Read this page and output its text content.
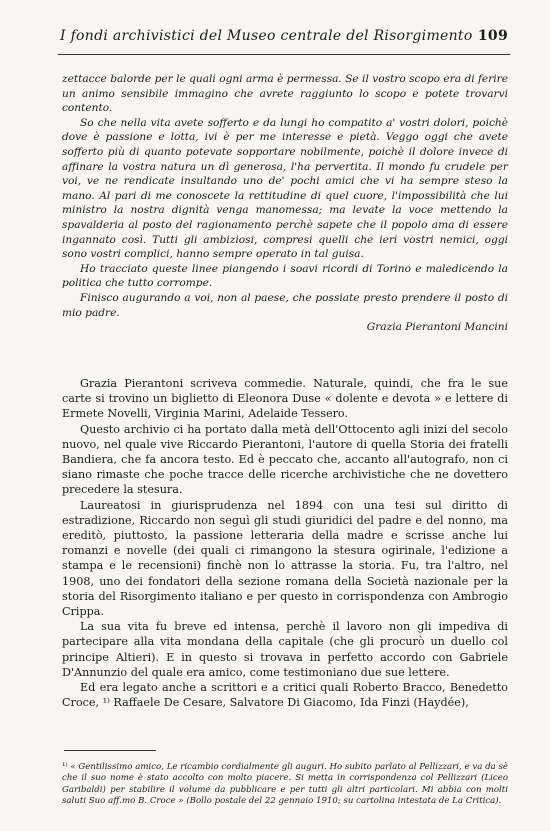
I fondi archivistici del Museo centrale del Risorgimento 109

zettacce balorde per le quali ogni arma è permessa. Se il vostro scopo era di ferire un animo sensibile immagino che avrete raggiunto lo scopo e potete trovarvi contento.

So che nella vita avete sofferto e da lungi ho compatito a' vostri dolori, poichè dove è passione e lotta, ivi è per me interesse e pietà. Veggo oggi che avete sofferto più di quanto potevate sopportare nobilmente, poichè il dolore invece di affinare la vostra natura un dì generosa, l'ha pervertita. Il mondo fu crudele per voi, ve ne rendicate insultando uno de' pochi amici che vi ha sempre steso la mano. Al pari di me conoscete la rettitudine di quel cuore, l'impossibilità che lui ministro la nostra dignità venga manomessa; ma levate la voce mettendo la spavalderia al posto del ragionamento perchè sapete che il popolo ama di essere ingannato così. Tutti gli ambiziosi, compresi quelli che ieri vostri nemici, oggi sono vostri complici, hanno sempre operato in tal guisa.

Ho tracciato queste linee piangendo i soavi ricordi di Torino e maledicendo la politica che tutto corrompe.

Finisco augurando a voi, non al paese, che possiate presto prendere il posto di mio padre.

Grazia Pierantoni Mancini

Grazia Pierantoni scriveva commedie. Naturale, quindi, che fra le sue carte si trovino un biglietto di Eleonora Duse « dolente e devota » e lettere di Ermete Novelli, Virginia Marini, Adelaide Tessero.

Questo archivio ci ha portato dalla metà dell'Ottocento agli inizi del secolo nuovo, nel quale vive Riccardo Pierantoni, l'autore di quella Storia dei fratelli Bandiera, che fa ancora testo. Ed è peccato che, accanto all'autografo, non ci siano rimaste che poche tracce delle ricerche archivistiche che ne dovettero precedere la stesura.

Laureatosi in giurisprudenza nel 1894 con una tesi sul diritto di estradizione, Riccardo non seguì gli studi giuridici del padre e del nonno, ma ereditò, piuttosto, la passione letteraria della madre e scrisse anche lui romanzi e novelle (dei quali ci rimangono la stesura ogirinale, l'edizione a stampa e le recensioni) finchè non lo attrasse la storia. Fu, tra l'altro, nel 1908, uno dei fondatori della sezione romana della Società nazionale per la storia del Risorgimento italiano e per questo in corrispondenza con Ambrogio Crippa.

La sua vita fu breve ed intensa, perchè il lavoro non gli impediva di partecipare alla vita mondana della capitale (che gli procurò un duello col principe Altieri). E in questo si trovava in perfetto accordo con Gabriele D'Annunzio del quale era amico, come testimoniano due sue lettere.

Ed era legato anche a scrittori e a critici quali Roberto Bracco, Benedetto Croce, ¹⁾ Raffaele De Cesare, Salvatore Di Giacomo, Ida Finzi (Haydée),

¹⁾ « Gentilissimo amico, Le ricambio cordialmente gli auguri. Ho subito parlato al Pellizzari, e va da sè che il suo nome è stato accolto con molto piacere. Si metta in corrispondenza col Pellizzari (Liceo Garibaldi) per stabilire il volume da pubblicare e per tutti gli altri particolari. Mi abbia con molti saluti Suo aff.mo B. Croce » (Bollo postale del 22 gennaio 1910; su cartolina intestata de La Critica).
